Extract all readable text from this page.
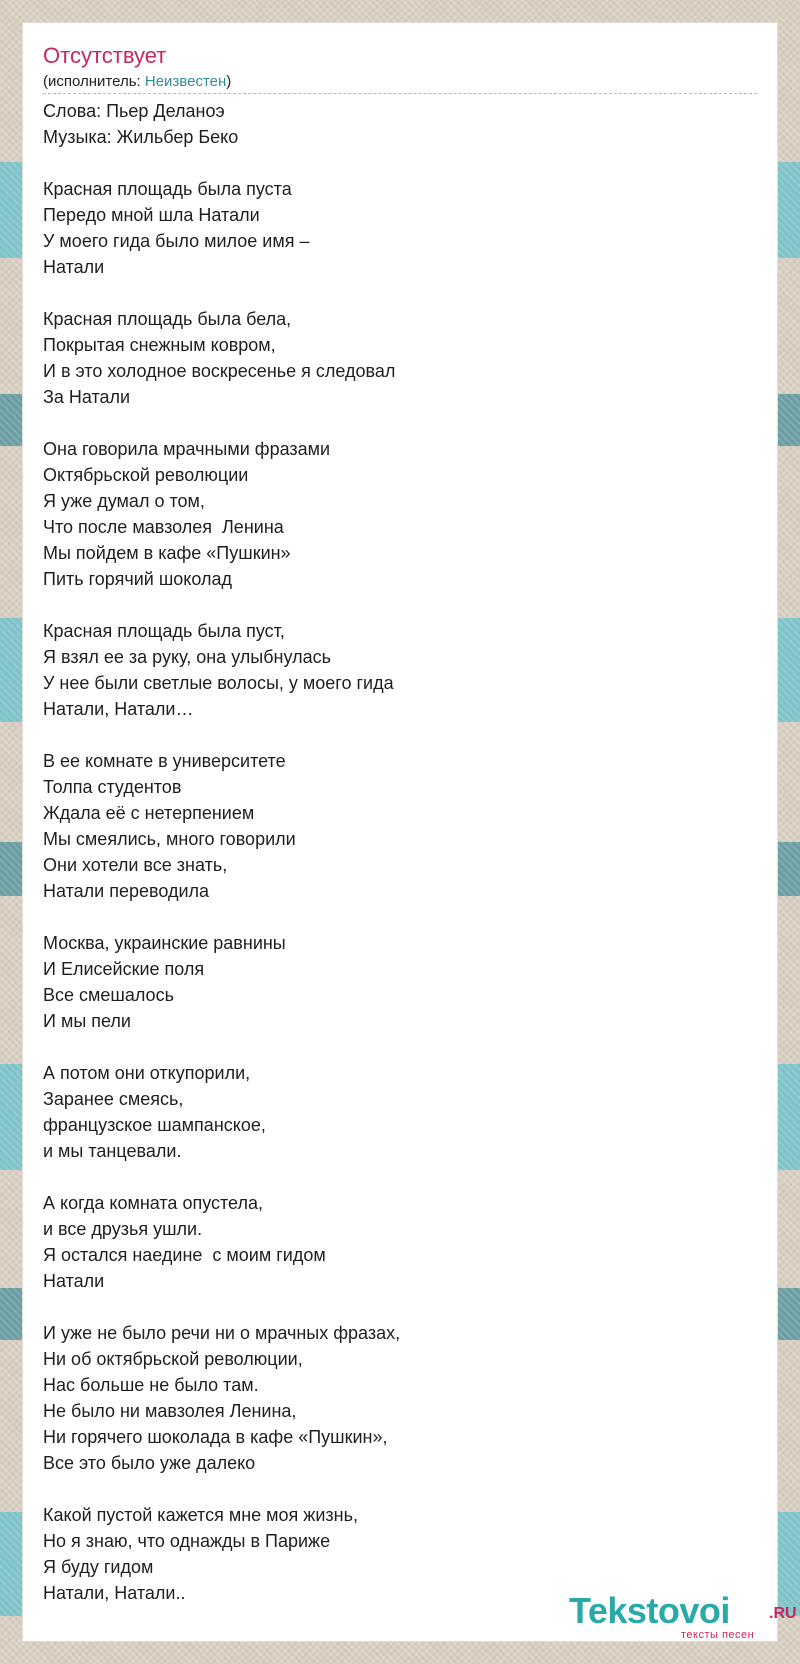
Отсутствует
(исполнитель: Неизвестен)
Слова: Пьер Деланоэ
Музыка: Жильбер Беко
Красная площадь была пуста
Передо мной шла Натали
У моего гида было милое имя –
Натали
Красная площадь была бела,
Покрытая снежным ковром,
И в это холодное воскресенье я следовал
За Натали
Она говорила мрачными фразами
Октябрьской революции
Я уже думал о том,
Что после мавзолея  Ленина
Мы пойдем в кафе «Пушкин»
Пить горячий шоколад
Красная площадь была пуст,
Я взял ее за руку, она улыбнулась
У нее были светлые волосы, у моего гида
Натали, Натали…
В ее комнате в университете
Толпа студентов
Ждала её с нетерпением
Мы смеялись, много говорили
Они хотели все знать,
Натали переводила
Москва, украинские равнины
И Елисейские поля
Все смешалось
И мы пели
А потом они откупорили,
Заранее смеясь,
французское шампанское,
и мы танцевали.
А когда комната опустела,
и все друзья ушли.
Я остался наедине  с моим гидом
Натали
И уже не было речи ни о мрачных фразах,
Ни об октябрьской революции,
Нас больше не было там.
Не было ни мавзолея Ленина,
Ни горячего шоколада в кафе «Пушкин»,
Все это было уже далеко
Какой пустой кажется мне моя жизнь,
Но я знаю, что однажды в Париже
Я буду гидом
Натали, Натали..	Tekstovoi .RU
тексты песен
